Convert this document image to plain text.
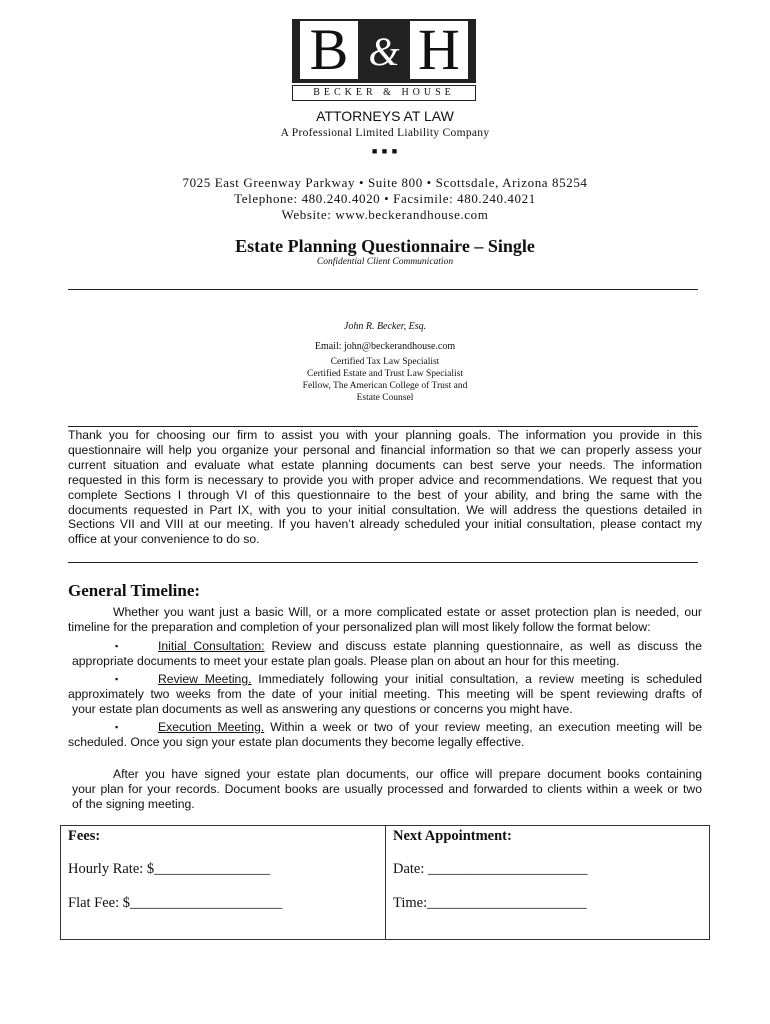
B & H
BECKER & HOUSE
ATTORNEYS AT LAW
A Professional Limited Liability Company
■ ■ ■
7025 East Greenway Parkway • Suite 800 • Scottsdale, Arizona 85254
Telephone: 480.240.4020 • Facsimile: 480.240.4021
Website: www.beckerandhouse.com
Estate Planning Questionnaire – Single
Confidential Client Communication
John R. Becker, Esq.
Email: john@beckerandhouse.com
Certified Tax Law Specialist
Certified Estate and Trust Law Specialist
Fellow, The American College of Trust and
Estate Counsel
Thank you for choosing our firm to assist you with your planning goals. The information you provide in this
questionnaire will help you organize your personal and financial information so that we can properly assess your
current situation and evaluate what estate planning documents can best serve your needs. The information
requested in this form is necessary to provide you with proper advice and recommendations. We request that you
complete Sections I through VI of this questionnaire to the best of your ability, and bring the same with the
documents requested in Part IX, with you to your initial consultation. We will address the questions detailed in
Sections VII and VIII at our meeting. If you haven’t already scheduled your initial consultation, please contact my
office at your convenience to do so.
General Timeline:
Whether you want just a basic Will, or a more complicated estate or asset protection plan is needed, our
timeline for the preparation and completion of your personalized plan will most likely follow the format below:
▪	Initial Consultation: Review and discuss estate planning questionnaire, as well as discuss the
appropriate documents to meet your estate plan goals. Please plan on about an hour for this meeting.
▪	Review Meeting. Immediately following your initial consultation, a review meeting is scheduled
approximately two weeks from the date of your initial meeting. This meeting will be spent reviewing drafts of
your estate plan documents as well as answering any questions or concerns you might have.
▪	Execution Meeting. Within a week or two of your review meeting, an execution meeting will be
scheduled. Once you sign your estate plan documents they become legally effective.
After you have signed your estate plan documents, our office will prepare document books containing
your plan for your records. Document books are usually processed and forwarded to clients within a week or two
of the signing meeting.
Fees:
Hourly Rate: $________________
Flat Fee: $_____________________
Next Appointment:
Date: ______________________
Time:______________________
